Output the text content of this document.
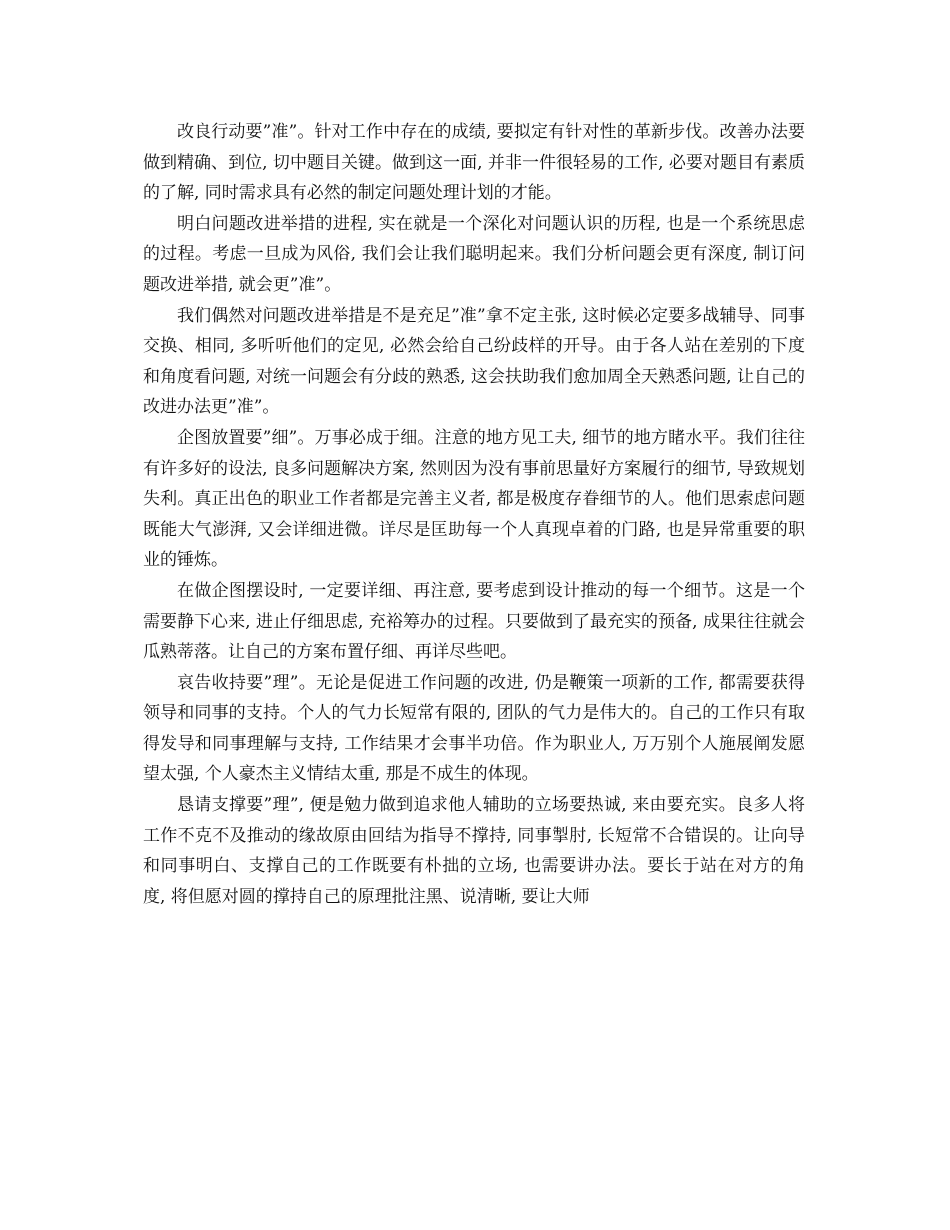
改良行动要”准”。针对工作中存在的成绩, 要拟定有针对性的革新步伐。改善办法要做到精确、到位, 切中题目关键。做到这一面, 并非一件很轻易的工作, 必要对题目有素质的了解, 同时需求具有必然的制定问题处理计划的才能。

明白问题改进举措的进程, 实在就是一个深化对问题认识的历程, 也是一个系统思虑的过程。考虑一旦成为风俗, 我们会让我们聪明起来。我们分析问题会更有深度, 制订问题改进举措, 就会更”准”。

我们偶然对问题改进举措是不是充足”准”拿不定主张, 这时候必定要多战辅导、同事交换、相同, 多听听他们的定见, 必然会给自己纷歧样的开导。由于各人站在差别的下度和角度看问题, 对统一问题会有分歧的熟悉, 这会扶助我们愈加周全天熟悉问题, 让自己的改进办法更”准”。

企图放置要”细”。万事必成于细。注意的地方见工夫, 细节的地方睹水平。我们往往有许多好的设法, 良多问题解决方案, 然则因为没有事前思量好方案履行的细节, 导致规划失利。真正出色的职业工作者都是完善主义者, 都是极度存眷细节的人。他们思索虑问题既能大气澎湃, 又会详细进微。详尽是匡助每一个人真现卓着的门路, 也是异常重要的职业的锤炼。

在做企图摆设时, 一定要详细、再注意, 要考虑到设计推动的每一个细节。这是一个需要静下心来, 进止仔细思虑, 充裕筹办的过程。只要做到了最充实的预备, 成果往往就会瓜熟蒂落。让自己的方案布置仔细、再详尽些吧。

哀告收持要”理”。无论是促进工作问题的改进, 仍是鞭策一项新的工作, 都需要获得领导和同事的支持。个人的气力长短常有限的, 团队的气力是伟大的。自己的工作只有取得发导和同事理解与支持, 工作结果才会事半功倍。作为职业人, 万万别个人施展阐发愿望太强, 个人豪杰主义情结太重, 那是不成生的体现。

恳请支撑要”理”, 便是勉力做到追求他人辅助的立场要热诚, 来由要充实。良多人将工作不克不及推动的缘故原由回结为指导不撑持, 同事掣肘, 长短常不合错误的。让向导和同事明白、支撑自己的工作既要有朴拙的立场, 也需要讲办法。要长于站在对方的角度, 将但愿对圆的撑持自己的原理批注黑、说清晰, 要让大师
